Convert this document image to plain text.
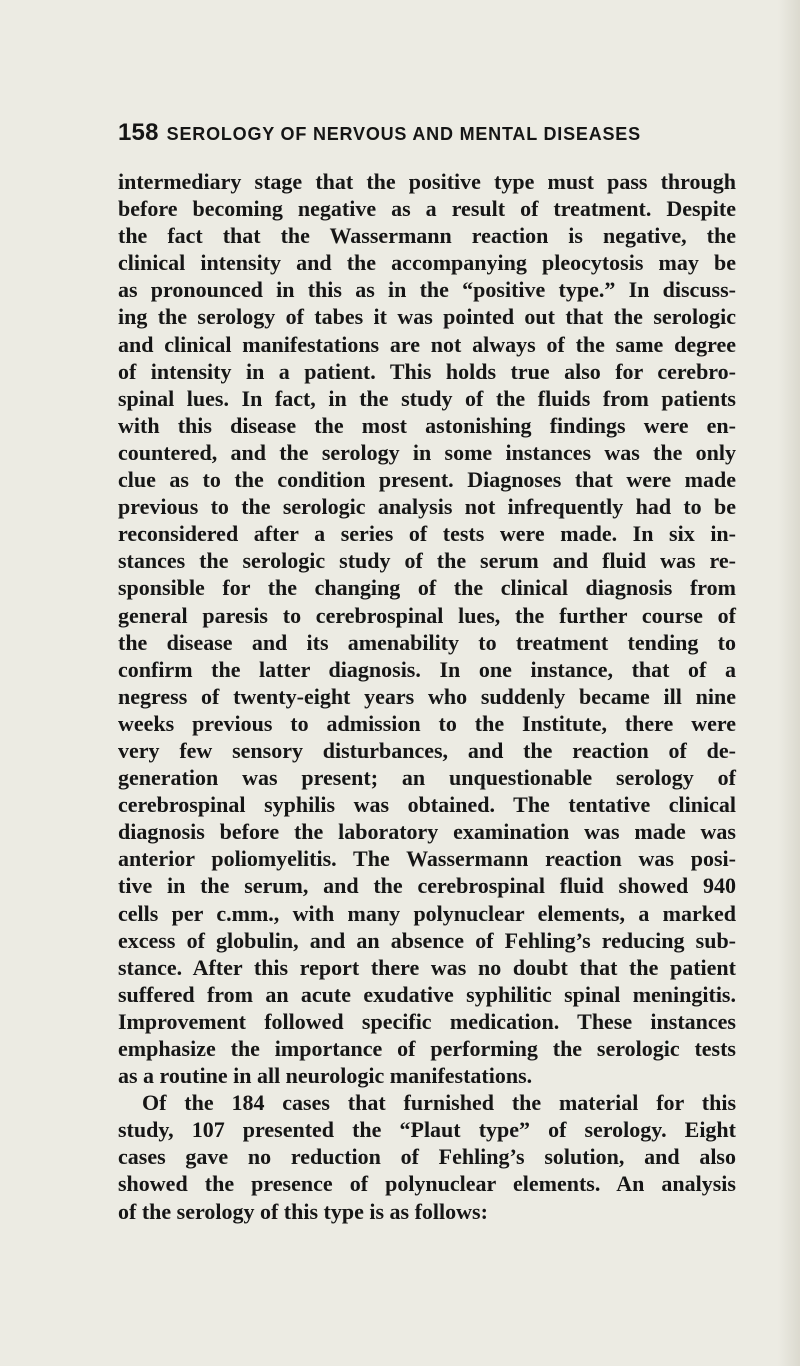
158 SEROLOGY OF NERVOUS AND MENTAL DISEASES
intermediary stage that the positive type must pass through
before becoming negative as a result of treatment. Despite
the fact that the Wassermann reaction is negative, the
clinical intensity and the accompanying pleocytosis may be
as pronounced in this as in the “positive type.” In discuss-
ing the serology of tabes it was pointed out that the serologic
and clinical manifestations are not always of the same degree
of intensity in a patient. This holds true also for cerebro-
spinal lues. In fact, in the study of the fluids from patients
with this disease the most astonishing findings were en-
countered, and the serology in some instances was the only
clue as to the condition present. Diagnoses that were made
previous to the serologic analysis not infrequently had to be
reconsidered after a series of tests were made. In six in-
stances the serologic study of the serum and fluid was re-
sponsible for the changing of the clinical diagnosis from
general paresis to cerebrospinal lues, the further course of
the disease and its amenability to treatment tending to
confirm the latter diagnosis. In one instance, that of a
negress of twenty-eight years who suddenly became ill nine
weeks previous to admission to the Institute, there were
very few sensory disturbances, and the reaction of de-
generation was present; an unquestionable serology of
cerebrospinal syphilis was obtained. The tentative clinical
diagnosis before the laboratory examination was made was
anterior poliomyelitis. The Wassermann reaction was posi-
tive in the serum, and the cerebrospinal fluid showed 940
cells per c.mm., with many polynuclear elements, a marked
excess of globulin, and an absence of Fehling’s reducing sub-
stance. After this report there was no doubt that the patient
suffered from an acute exudative syphilitic spinal meningitis.
Improvement followed specific medication. These instances
emphasize the importance of performing the serologic tests
as a routine in all neurologic manifestations.
Of the 184 cases that furnished the material for this
study, 107 presented the “Plaut type” of serology. Eight
cases gave no reduction of Fehling’s solution, and also
showed the presence of polynuclear elements. An analysis
of the serology of this type is as follows:
